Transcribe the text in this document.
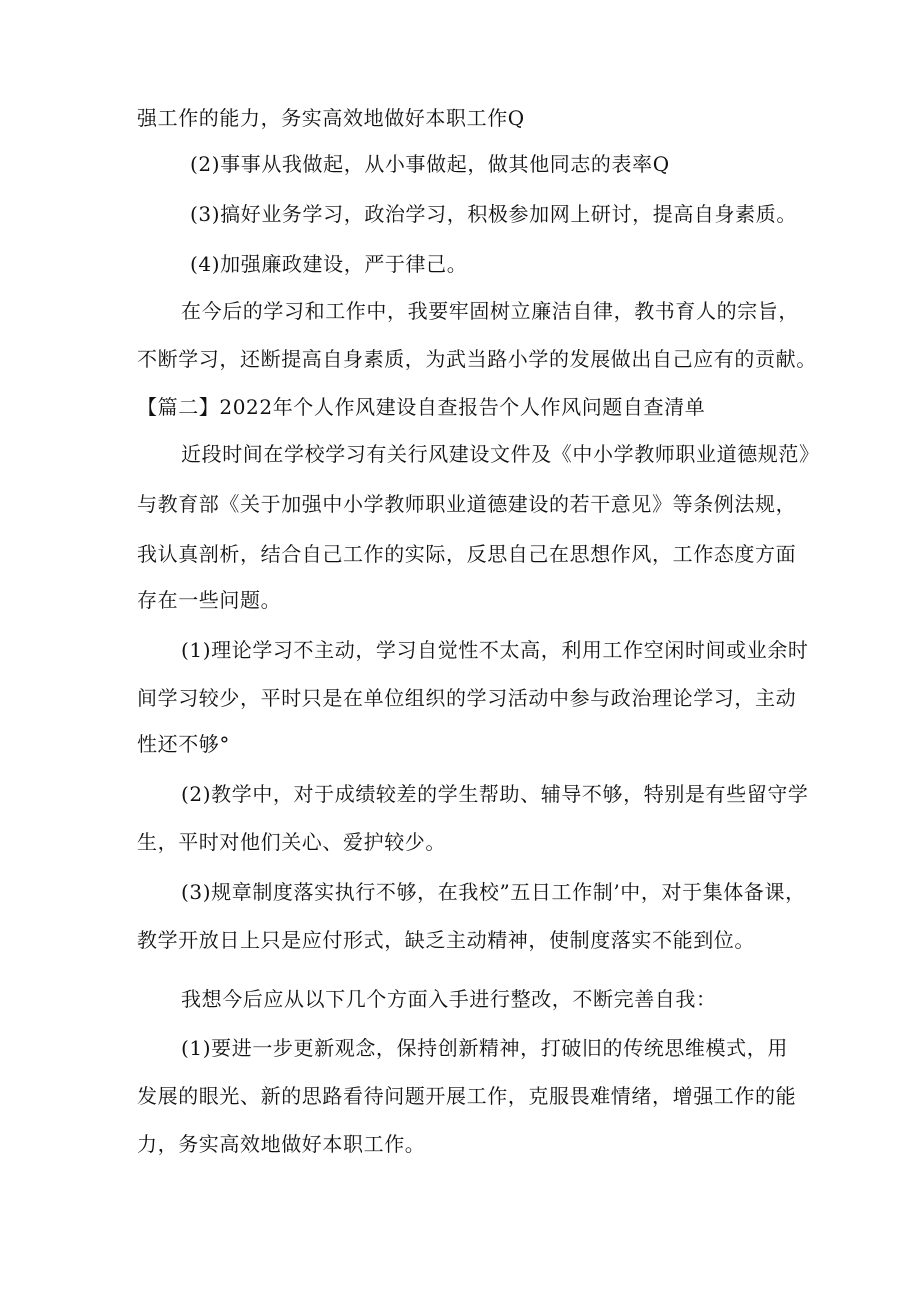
强工作的能力，务实高效地做好本职工作Q
(2)事事从我做起，从小事做起，做其他同志的表率Q
(3)搞好业务学习，政治学习，积极参加网上研讨，提高自身素质。
(4)加强廉政建设，严于律己。
在今后的学习和工作中，我要牢固树立廉洁自律，教书育人的宗旨，
不断学习，还断提高自身素质，为武当路小学的发展做出自己应有的贡献。
【篇二】2022年个人作风建设自查报告个人作风问题自查清单
近段时间在学校学习有关行风建设文件及《中小学教师职业道德规范》
与教育部《关于加强中小学教师职业道德建设的若干意见》等条例法规，
我认真剖析，结合自己工作的实际，反思自己在思想作风，工作态度方面
存在一些问题。
(1)理论学习不主动，学习自觉性不太高，利用工作空闲时间或业余时
间学习较少，平时只是在单位组织的学习活动中参与政治理论学习，主动
性还不够°
(2)教学中，对于成绩较差的学生帮助、辅导不够，特别是有些留守学
生，平时对他们关心、爱护较少。
(3)规章制度落实执行不够，在我校”五日工作制’中，对于集体备课，
教学开放日上只是应付形式，缺乏主动精神，使制度落实不能到位。
我想今后应从以下几个方面入手进行整改，不断完善自我：
(1)要进一步更新观念，保持创新精神，打破旧的传统思维模式，用
发展的眼光、新的思路看待问题开展工作，克服畏难情绪，增强工作的能
力，务实高效地做好本职工作。
